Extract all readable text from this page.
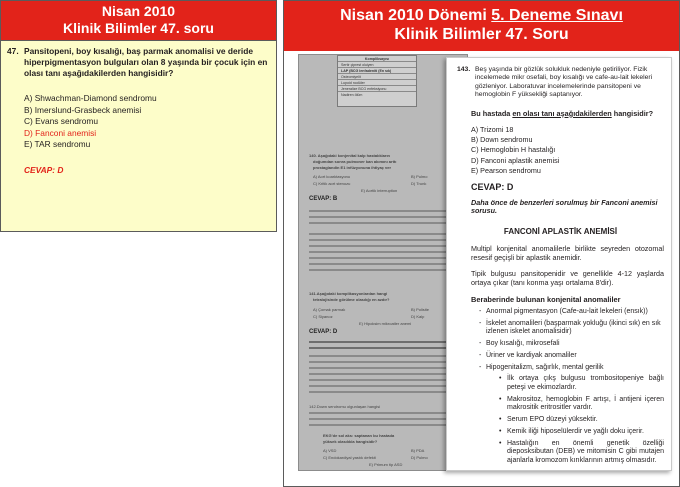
Nisan 2010
Klinik Bilimler 47. soru
47. Pansitopeni, boy kısalığı, baş parmak anomalisi ve deride hiperpigmentasyon bulguları olan 8 yaşında bir çocuk için en olası tanı aşağıdakilerden hangisidir?
A) Shwachman-Diamond sendromu
B) Imerslund-Grasbeck anemisi
C) Evans sendromu
D) Fanconi anemisi
E) TAR sendromu
CEVAP: D
Nisan 2010 Dönemi 5. Deneme Sınavı
Klinik Bilimler 47. Soru
Kompliksayısı
Sertir çiprest oluiyen
LAP (BCG lenfadeniti (En sık)
Osteomiyelit
Lupoid nodüler
Jeneralize BCG enfeksiyonu
Nadiren ölüm
140. Aşağıdaki konjenital kalp hastalıkların
doğumdan sonra pulmoner kan akımını arttı
prostaglandin E1 infüzyonuna ihtiyaç ver
A) Aort koarktasyonu	B) Pulmo
C) Kritik aort stenozu	D) Trunk
E) Aortik interruption
CEVAP: B
141.Aşağıdaki komplikasyonlardan hangi
tetralojisinde görülme olasılığı en azdır?
A) Çomak parmak	B) Polisite
C) Siyanoz	D) Kalp
E) Hipoksim mikroatler anemi
CEVAP: D
142.Down sendromu olgunlaşan hangisi
EKG'de sol aks: saptanan bu hastada
yüksek olasılıkla hangisidir?
A) VSD	B) PDA
C) Endokardiyal yastık defekti	D) Pulmo
E) Primum tip ASD
143. Beş yaşında bir gözlük solukluk nedeniyle getiriliyor. Fizik incelemede mikr osefali, boy kısalığı ve cafe-au-lait lekeleri gözleniyor. Laboratuvar incelemelerinde pansitopeni ve hemoglobin F yüksekliği saptanıyor.
Bu hastada en olası tanı aşağıdakilerden hangisidir?
A) Trizomi 18
B) Down sendromu
C) Hemoglobin H hastalığı
D) Fanconi aplastik anemisi
E) Pearson sendromu
CEVAP: D
Daha önce de benzerleri sorulmuş bir Fanconi anemisi sorusu.
FANCONİ APLASTİK ANEMİSİ
Multipl konjenital anomalilerle birlikte seyreden otozomal resesif geçişli bir aplastik anemidir.
Tipik bulgusu pansitopenidir ve genellikle 4-12 yaşlarda ortaya çıkar (tanı konma yaşı ortalama 8'dir).
Beraberinde bulunan konjenital anomaliler
- Anormal pigmentasyon (Cafe-au-lait lekeleri (ensık))
- İskelet anomalileri (başparmak yokluğu (ikinci sık) en sık izlenen iskelet anomalisidir)
- Boy kısalığı, mikrosefali
- Üriner ve kardiyak anomaliler
- Hipogenitalizm, sağırlık, mental gerilik
• İlk ortaya çıkş bulgusu trombositopeniye bağlı peteşi ve ekimozlardır.
• Makrositoz, hemoglobin F artışı, İ antijeni içeren makrositik eritrositler vardır.
• Serum EPO düzeyi yüksektir.
• Kemik iliği hiposelülerdir ve yağlı doku içerir.
• Hastalığın en önemli genetik özelliği dieposksibutan (DEB) ve mitomisin C gibi mutajen ajanlarla kromozom kırıklarının artmış olmasıdır.
